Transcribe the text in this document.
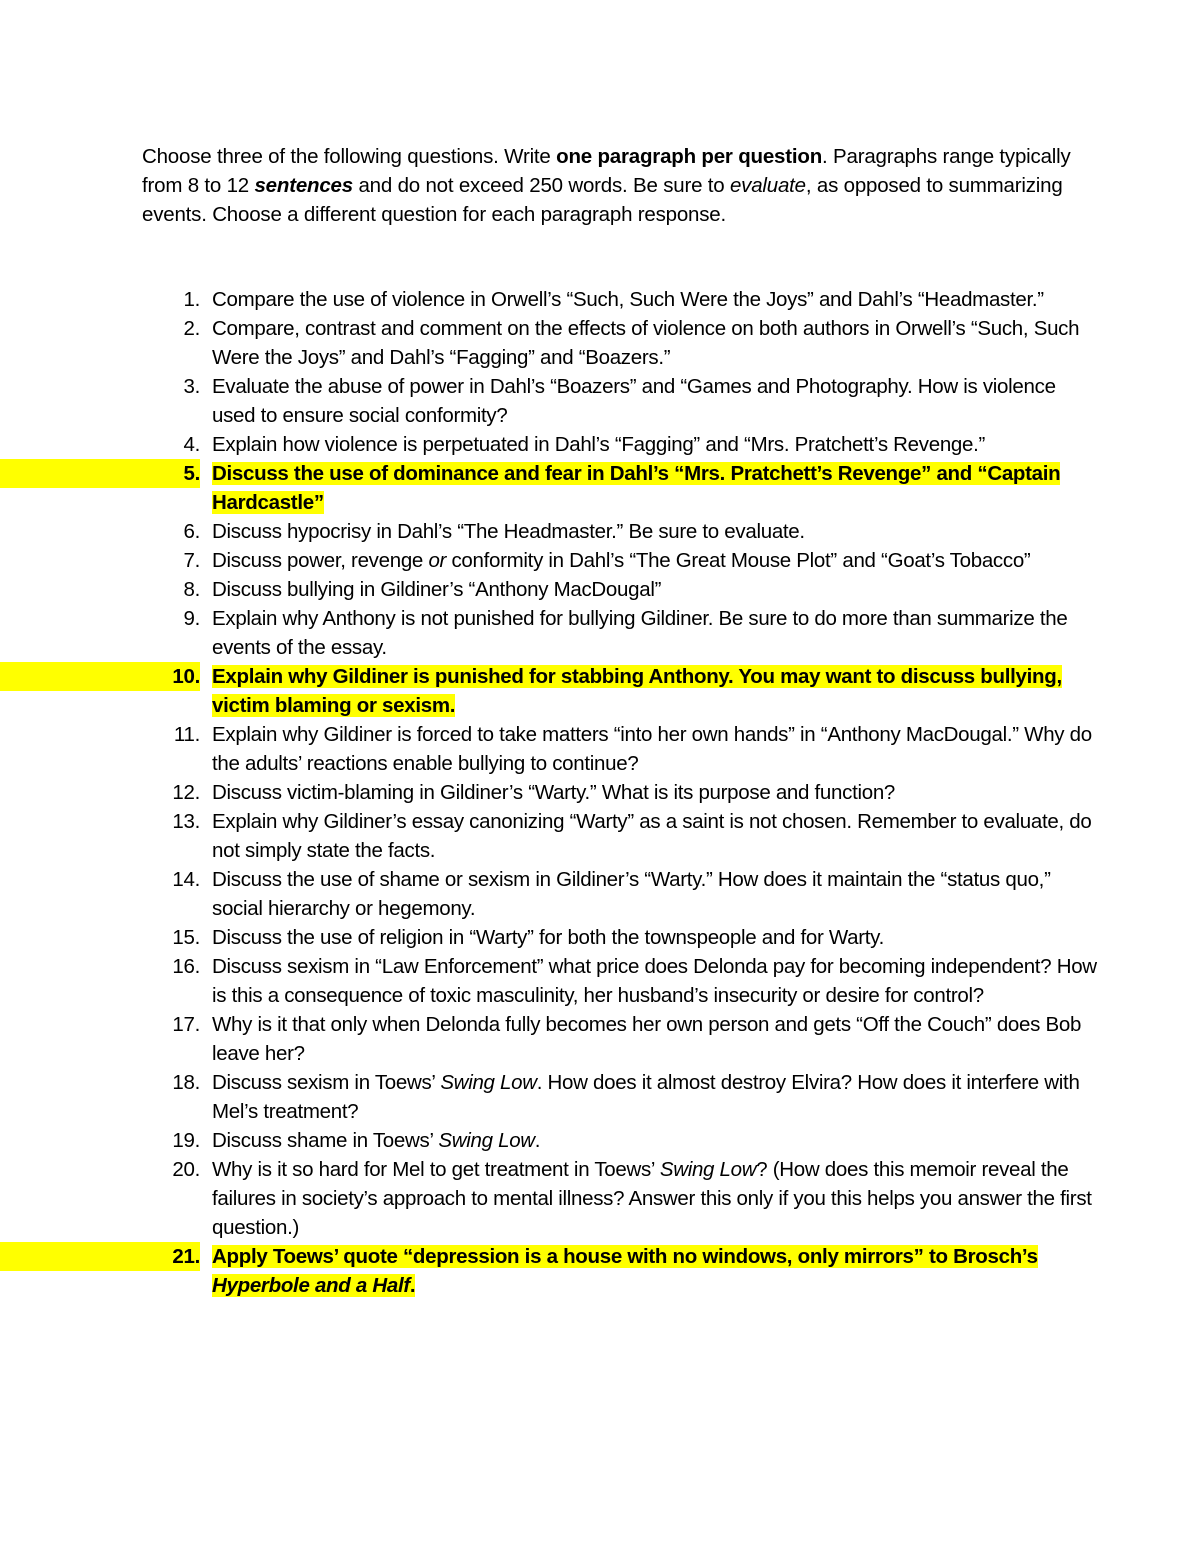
Choose three of the following questions. Write one paragraph per question. Paragraphs range typically from 8 to 12 sentences and do not exceed 250 words. Be sure to evaluate, as opposed to summarizing events. Choose a different question for each paragraph response.

1. Compare the use of violence in Orwell’s “Such, Such Were the Joys” and Dahl’s “Headmaster.”
2. Compare, contrast and comment on the effects of violence on both authors in Orwell’s “Such, Such Were the Joys” and Dahl’s “Fagging” and “Boazers.”
3. Evaluate the abuse of power in Dahl’s “Boazers” and “Games and Photography. How is violence used to ensure social conformity?
4. Explain how violence is perpetuated in Dahl’s “Fagging” and “Mrs. Pratchett’s Revenge.”
5. Discuss the use of dominance and fear in Dahl’s “Mrs. Pratchett’s Revenge” and “Captain Hardcastle”
6. Discuss hypocrisy in Dahl’s “The Headmaster.” Be sure to evaluate.
7. Discuss power, revenge or conformity in Dahl’s “The Great Mouse Plot” and “Goat’s Tobacco”
8. Discuss bullying in Gildiner’s “Anthony MacDougal”
9. Explain why Anthony is not punished for bullying Gildiner. Be sure to do more than summarize the events of the essay.
10. Explain why Gildiner is punished for stabbing Anthony. You may want to discuss bullying, victim blaming or sexism.
11. Explain why Gildiner is forced to take matters “into her own hands” in “Anthony MacDougal.” Why do the adults’ reactions enable bullying to continue?
12. Discuss victim-blaming in Gildiner’s “Warty.” What is its purpose and function?
13. Explain why Gildiner’s essay canonizing “Warty” as a saint is not chosen. Remember to evaluate, do not simply state the facts.
14. Discuss the use of shame or sexism in Gildiner’s “Warty.” How does it maintain the “status quo,” social hierarchy or hegemony.
15. Discuss the use of religion in “Warty” for both the townspeople and for Warty.
16. Discuss sexism in “Law Enforcement” what price does Delonda pay for becoming independent? How is this a consequence of toxic masculinity, her husband’s insecurity or desire for control?
17. Why is it that only when Delonda fully becomes her own person and gets “Off the Couch” does Bob leave her?
18. Discuss sexism in Toews’ Swing Low. How does it almost destroy Elvira? How does it interfere with Mel’s treatment?
19. Discuss shame in Toews’ Swing Low.
20. Why is it so hard for Mel to get treatment in Toews’ Swing Low? (How does this memoir reveal the failures in society’s approach to mental illness? Answer this only if you this helps you answer the first question.)
21. Apply Toews’ quote “depression is a house with no windows, only mirrors” to Brosch’s Hyperbole and a Half.
